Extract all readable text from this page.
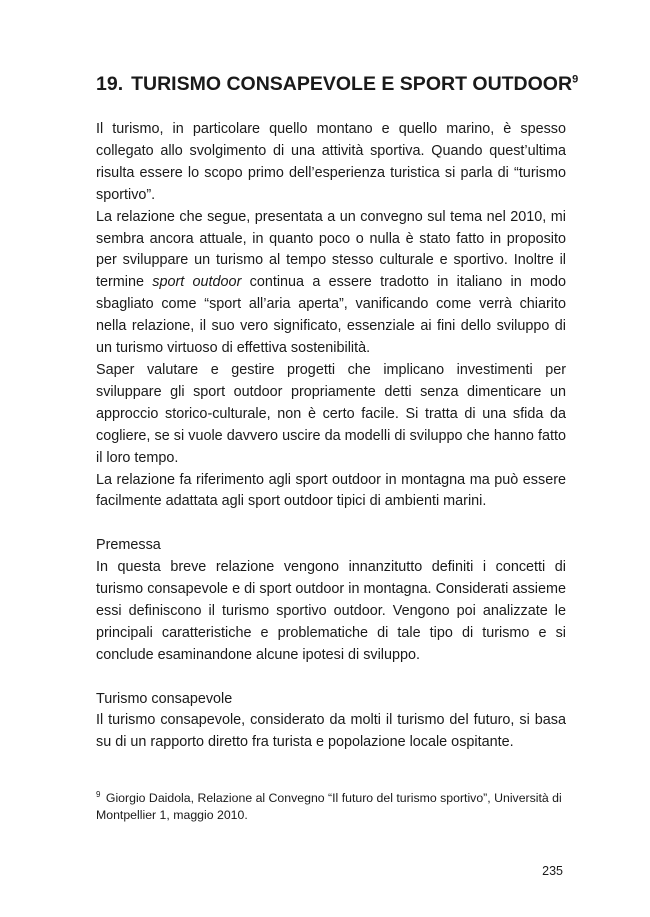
19. TURISMO CONSAPEVOLE E SPORT OUTDOOR$^9$

Il turismo, in particolare quello montano e quello marino, è spesso collegato allo svolgimento di una attività sportiva. Quando quest’ultima risulta essere lo scopo primo dell’esperienza turistica si parla di “turismo sportivo”.

La relazione che segue, presentata a un convegno sul tema nel 2010, mi sembra ancora attuale, in quanto poco o nulla è stato fatto in proposito per sviluppare un turismo al tempo stesso culturale e sportivo. Inoltre il termine sport outdoor continua a essere tradotto in italiano in modo sbagliato come “sport all’aria aperta”, vanificando come verrà chiarito nella relazione, il suo vero significato, essenziale ai fini dello sviluppo di un turismo virtuoso di effettiva sostenibilità.

Saper valutare e gestire progetti che implicano investimenti per sviluppare gli sport outdoor propriamente detti senza dimenticare un approccio storico-culturale, non è certo facile. Si tratta di una sfida da cogliere, se si vuole davvero uscire da modelli di sviluppo che hanno fatto il loro tempo.

La relazione fa riferimento agli sport outdoor in montagna ma può essere facilmente adattata agli sport outdoor tipici di ambienti marini.

Premessa

In questa breve relazione vengono innanzitutto definiti i concetti di turismo consapevole e di sport outdoor in montagna. Considerati assieme essi definiscono il turismo sportivo outdoor. Vengono poi analizzate le principali caratteristiche e problematiche di tale tipo di turismo e si conclude esaminandone alcune ipotesi di sviluppo.

Turismo consapevole

Il turismo consapevole, considerato da molti il turismo del futuro, si basa su di un rapporto diretto fra turista e popolazione locale ospitante.

$^9$ Giorgio Daidola, Relazione al Convegno “Il futuro del turismo sportivo”, Università di Montpellier 1, maggio 2010.
235
